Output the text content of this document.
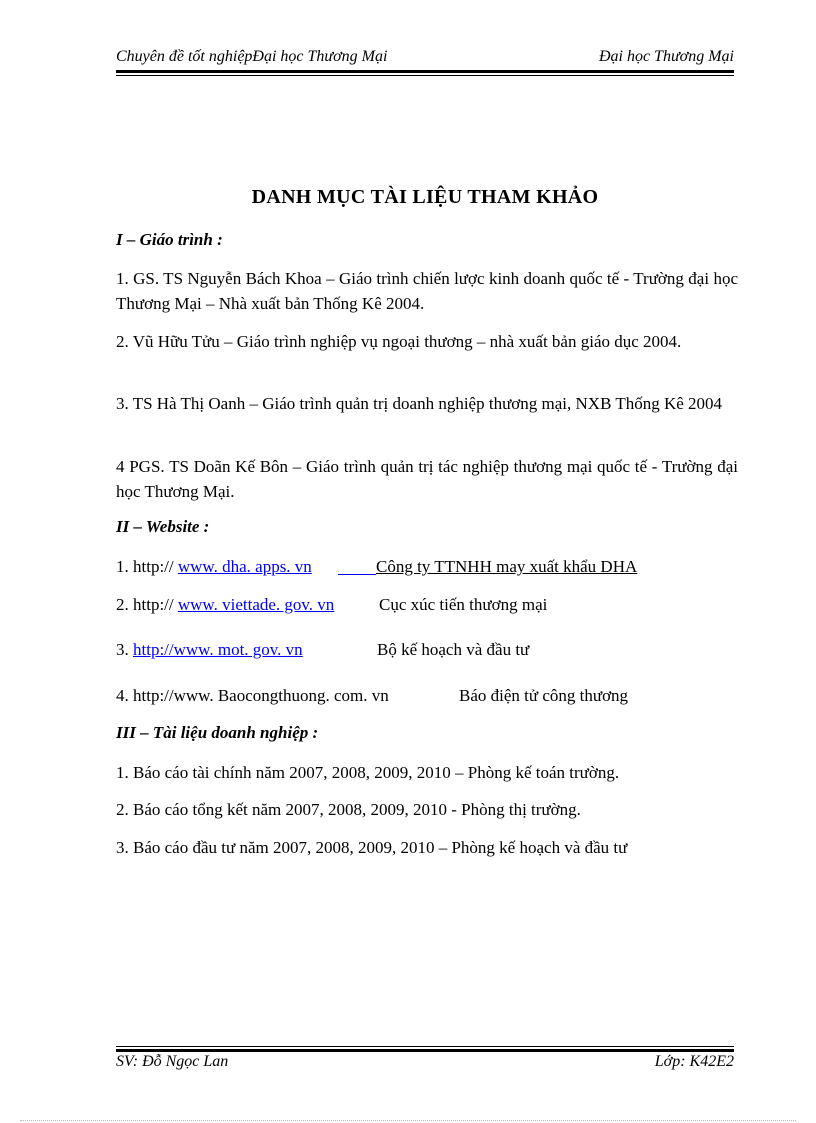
Chuyên đề tốt nghiệpĐại học Thương Mại	Đại học Thương Mại
DANH MỤC TÀI LIỆU THAM KHẢO
I – Giáo trình :
1. GS. TS Nguyễn Bách Khoa – Giáo trình chiến lược kinh doanh quốc tế - Trường đại học Thương Mại – Nhà xuất bản Thống Kê 2004.
2. Vũ Hữu Tửu – Giáo trình nghiệp vụ ngoại thương – nhà xuất bản giáo dục 2004.
3. TS Hà Thị Oanh – Giáo trình quản trị doanh nghiệp thương mại, NXB Thống Kê 2004
4 PGS. TS Doãn Kế Bôn – Giáo trình quản trị tác nghiệp thương mại quốc tế - Trường đại học Thương Mại.
II – Website :
1. http:// www. dha. apps. vn	Công ty TTNHH may xuất khẩu DHA
2. http:// www. viettade. gov. vn	Cục xúc tiến thương mại
3. http://www. mot. gov. vn	Bộ kế hoạch và đầu tư
4. http://www. Baocongthuong. com. vn	Báo điện tử công thương
III – Tài liệu doanh nghiệp :
1. Báo cáo tài chính năm 2007, 2008, 2009, 2010 – Phòng kế toán trường.
2. Báo cáo tổng kết năm 2007, 2008, 2009, 2010 - Phòng thị trường.
3. Báo cáo đầu tư năm 2007, 2008, 2009, 2010 – Phòng kế hoạch và đầu tư
SV: Đỗ Ngọc Lan	Lớp: K42E2
